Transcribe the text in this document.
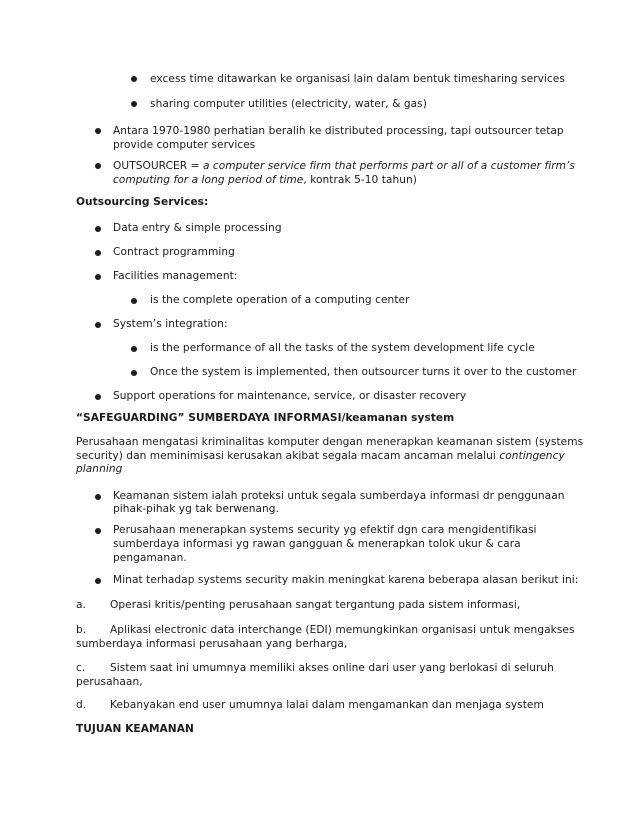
excess time ditawarkan ke organisasi lain dalam bentuk timesharing services
sharing computer utilities (electricity, water, & gas)
Antara 1970-1980 perhatian beralih ke distributed processing, tapi outsourcer tetap
provide computer services
OUTSOURCER = a computer service firm that performs part or all of a customer firm’s
computing for a long period of time, kontrak 5-10 tahun)
Outsourcing Services:
Data entry & simple processing
Contract programming
Facilities management:
is the complete operation of a computing center
System’s integration:
is the performance of all the tasks of the system development life cycle
Once the system is implemented, then outsourcer turns it over to the customer
Support operations for maintenance, service, or disaster recovery
“SAFEGUARDING” SUMBERDAYA INFORMASI/keamanan system
Perusahaan mengatasi kriminalitas komputer dengan menerapkan keamanan sistem (systems
security) dan meminimisasi kerusakan akibat segala macam ancaman melalui contingency
planning
Keamanan sistem ialah proteksi untuk segala sumberdaya informasi dr penggunaan
pihak-pihak yg tak berwenang.
Perusahaan menerapkan systems security yg efektif dgn cara mengidentifikasi
sumberdaya informasi yg rawan gangguan & menerapkan tolok ukur & cara
pengamanan.
Minat terhadap systems security makin meningkat karena beberapa alasan berikut ini:
a. Operasi kritis/penting perusahaan sangat tergantung pada sistem informasi,
b. Aplikasi electronic data interchange (EDI) memungkinkan organisasi untuk mengakses
sumberdaya informasi perusahaan yang berharga,
c. Sistem saat ini umumnya memiliki akses online dari user yang berlokasi di seluruh
perusahaan,
d. Kebanyakan end user umumnya lalai dalam mengamankan dan menjaga system
TUJUAN KEAMANAN
